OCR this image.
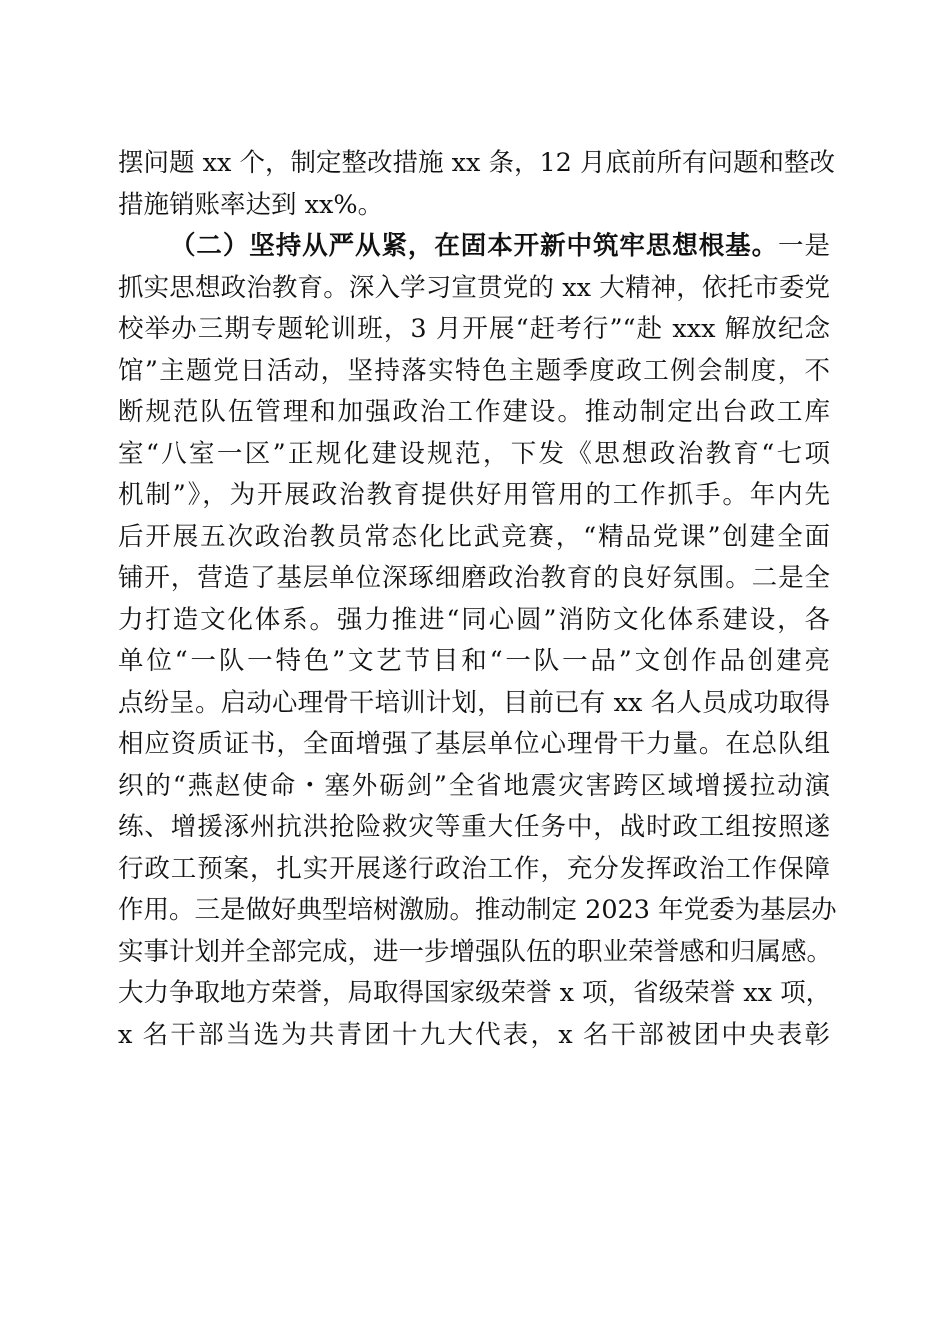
摆问题 xx 个，制定整改措施 xx 条，12 月底前所有问题和整改
措施销账率达到 xx%。
（二）坚持从严从紧，在固本开新中筑牢思想根基。一是
抓实思想政治教育。深入学习宣贯党的 xx 大精神，依托市委党
校举办三期专题轮训班，3 月开展“赶考行”“赴 xxx 解放纪念
馆”主题党日活动，坚持落实特色主题季度政工例会制度，不
断规范队伍管理和加强政治工作建设。推动制定出台政工库
室“八室一区”正规化建设规范，下发《思想政治教育“七项
机制”》，为开展政治教育提供好用管用的工作抓手。年内先
后开展五次政治教员常态化比武竞赛，“精品党课”创建全面
铺开，营造了基层单位深琢细磨政治教育的良好氛围。二是全
力打造文化体系。强力推进“同心圆”消防文化体系建设，各
单位“一队一特色”文艺节目和“一队一品”文创作品创建亮
点纷呈。启动心理骨干培训计划，目前已有 xx 名人员成功取得
相应资质证书，全面增强了基层单位心理骨干力量。在总队组
织的“燕赵使命・塞外砺剑”全省地震灾害跨区域增援拉动演
练、增援涿州抗洪抢险救灾等重大任务中，战时政工组按照遂
行政工预案，扎实开展遂行政治工作，充分发挥政治工作保障
作用。三是做好典型培树激励。推动制定 2023 年党委为基层办
实事计划并全部完成，进一步增强队伍的职业荣誉感和归属感。
大力争取地方荣誉，局取得国家级荣誉 x 项，省级荣誉 xx 项，
x 名干部当选为共青团十九大代表，x 名干部被团中央表彰
